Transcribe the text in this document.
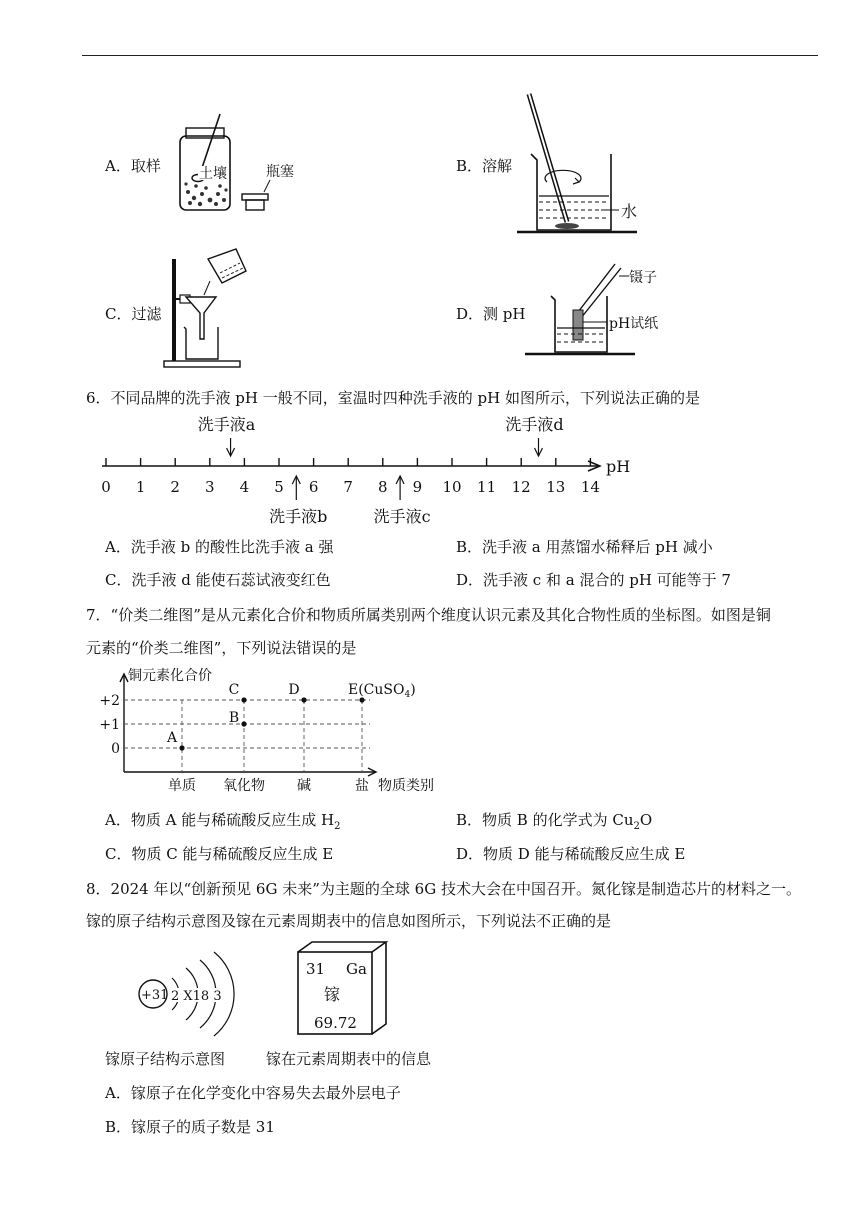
A．取样	土壤	瓶塞	B．溶解
水
C．过滤	D．测 pH
镊子
pH试纸
6．不同品牌的洗手液 pH 一般不同，室温时四种洗手液的 pH 如图所示，下列说法正确的是
pH
0 1 2 3 4 5 6 7 8 9 10 11 12 13 14
洗手液a
洗手液b	洗手液c
洗手液d
A．洗手液 b 的酸性比洗手液 a 强	B．洗手液 a 用蒸馏水稀释后 pH 减小
C．洗手液 d 能使石蕊试液变红色	D．洗手液 c 和 a 混合的 pH 可能等于 7
7．“价类二维图”是从元素化合价和物质所属类别两个维度认识元素及其化合物性质的坐标图。如图是铜
元素的“价类二维图”，下列说法错误的是
铜元素化合价
物质类别
+2
+1
0
单质 氧化物 碱	盐
A
B
C	D	E(CuSO$_4$)
A．物质 A 能与稀硫酸反应生成 $H_2$	B．物质 B 的化学式为 $Cu_2O$
C．物质 C 能与稀硫酸反应生成 E	D．物质 D 能与稀硫酸反应生成 E
8．2024 年以“创新预见 6G 未来”为主题的全球 6G 技术大会在中国召开。氮化镓是制造芯片的材料之一。
镓的原子结构示意图及镓在元素周期表中的信息如图所示，下列说法不正确的是
+31 2 X18 3
31 Ga
镓
69.72
镓原子结构示意图	镓在元素周期表中的信息
A．镓原子在化学变化中容易失去最外层电子
B．镓原子的质子数是 31
